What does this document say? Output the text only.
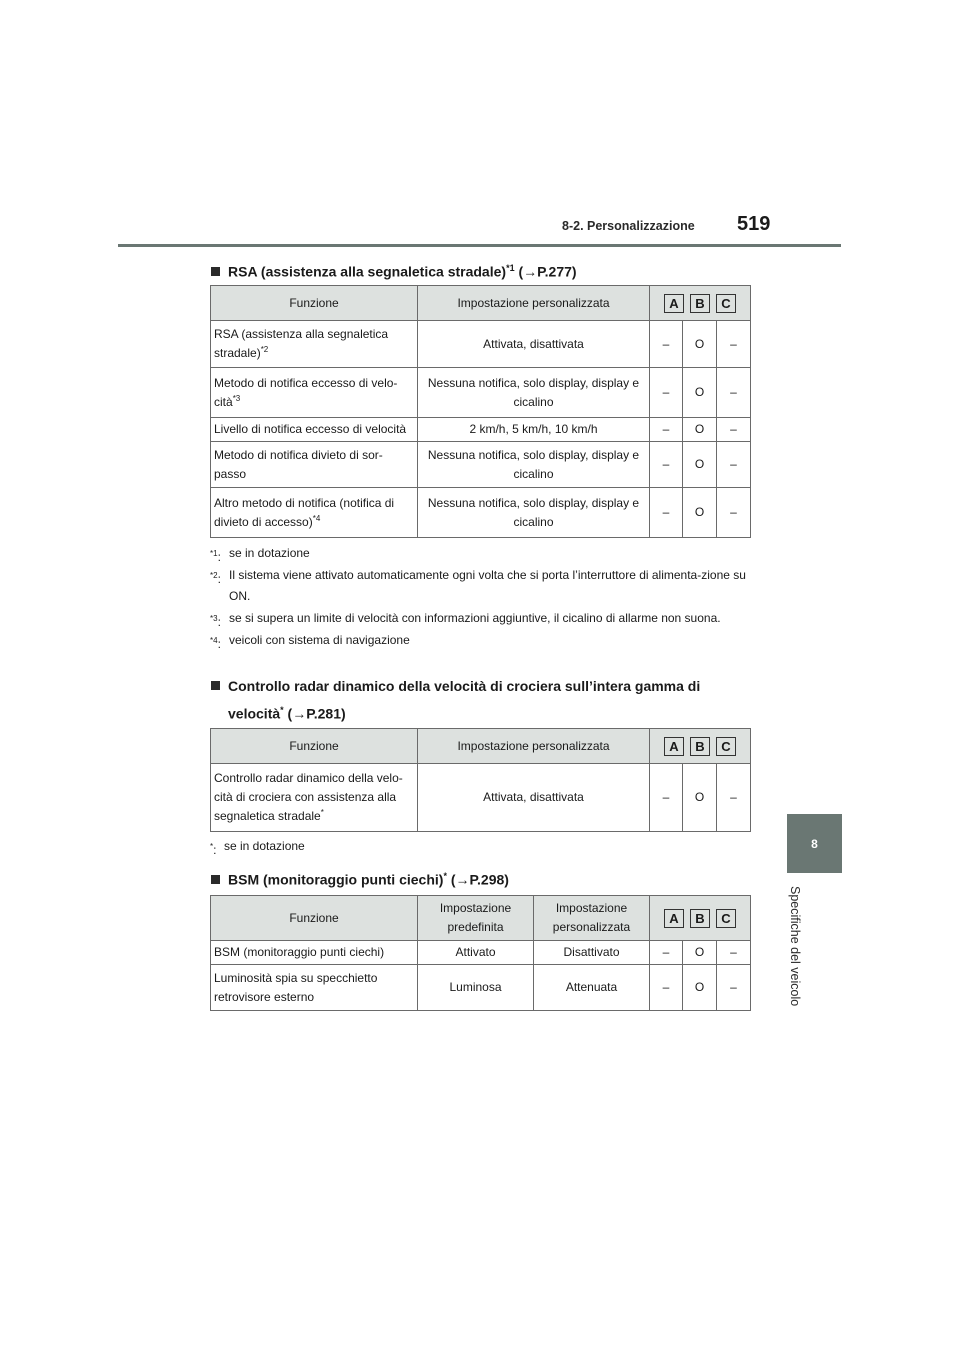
8-2. Personalizzazione 519
8
Specifiche del veicolo
RSA (assistenza alla segnaletica stradale)$^{*1}$ (→P.277)
Funzione	Impostazione personalizzata	A B C		

RSA (assistenza alla segnaletica stradale)$^{*2}$	Attivata, disattivata	–	O	–
Metodo di notifica eccesso di velo-cità$^{*3}$	Nessuna notifica, solo display, display e cicalino	–	O	–
Livello di notifica eccesso di velocità	2 km/h, 5 km/h, 10 km/h	–	O	–
Metodo di notifica divieto di sor-passo	Nessuna notifica, solo display, display e cicalino	–	O	–
Altro metodo di notifica (notifica di divieto di accesso)$^{*4}$	Nessuna notifica, solo display, display e cicalino	–	O	–
$^{*1}$: se in dotazione
$^{*2}$: Il sistema viene attivato automaticamente ogni volta che si porta l’interruttore di alimenta-zione su ON.
$^{*3}$: se si supera un limite di velocità con informazioni aggiuntive, il cicalino di allarme non suona.
$^{*4}$: veicoli con sistema di navigazione
Controllo radar dinamico della velocità di crociera sull’intera gamma di
velocità* (→P.281)
Funzione	Impostazione personalizzata	A B C		

Controllo radar dinamico della velo-cità di crociera con assistenza alla segnaletica stradale*	Attivata, disattivata	–	O	–
*: se in dotazione
BSM (monitoraggio punti ciechi)* (→P.298)
Funzione	Impostazione predefinita	Impostazione personalizzata	A B C		

BSM (monitoraggio punti ciechi)	Attivato	Disattivato	–	O	–
Luminosità spia su specchietto retrovisore esterno	Luminosa	Attenuata	–	O	–
